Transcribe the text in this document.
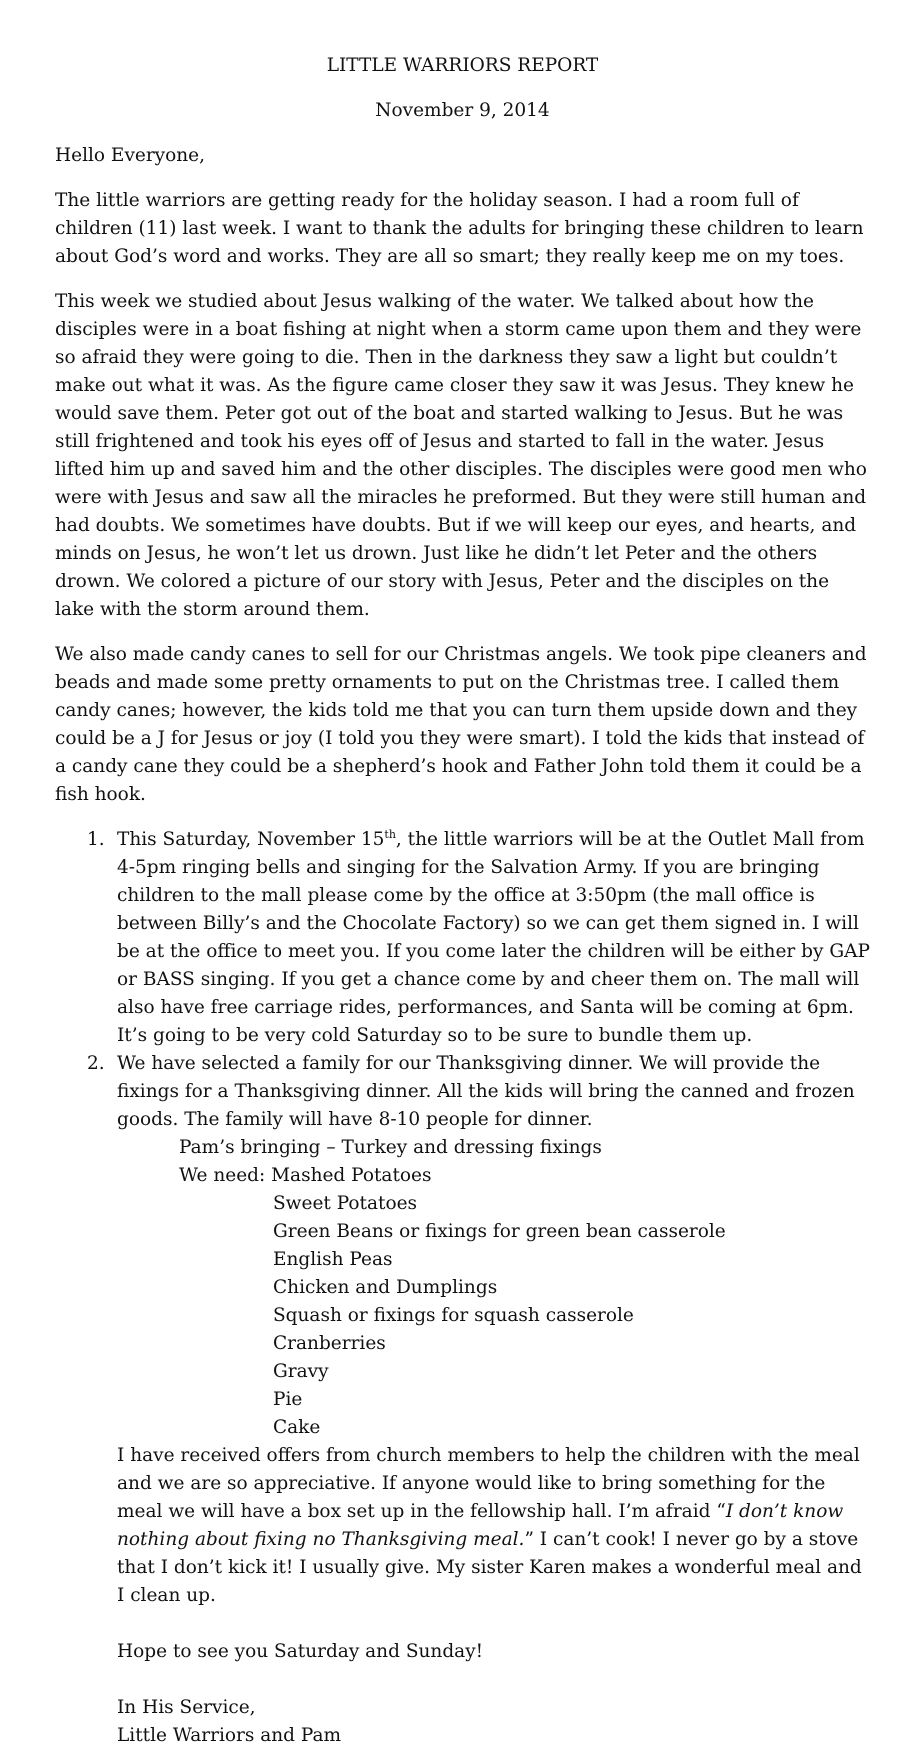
LITTLE WARRIORS REPORT

November 9, 2014

Hello Everyone,

The little warriors are getting ready for the holiday season. I had a room full of children (11) last week. I want to thank the adults for bringing these children to learn about God’s word and works. They are all so smart; they really keep me on my toes.

This week we studied about Jesus walking of the water. We talked about how the disciples were in a boat fishing at night when a storm came upon them and they were so afraid they were going to die. Then in the darkness they saw a light but couldn’t make out what it was. As the figure came closer they saw it was Jesus. They knew he would save them. Peter got out of the boat and started walking to Jesus. But he was still frightened and took his eyes off of Jesus and started to fall in the water. Jesus lifted him up and saved him and the other disciples. The disciples were good men who were with Jesus and saw all the miracles he preformed. But they were still human and had doubts. We sometimes have doubts. But if we will keep our eyes, and hearts, and minds on Jesus, he won’t let us drown. Just like he didn’t let Peter and the others drown. We colored a picture of our story with Jesus, Peter and the disciples on the lake with the storm around them.

We also made candy canes to sell for our Christmas angels. We took pipe cleaners and beads and made some pretty ornaments to put on the Christmas tree. I called them candy canes; however, the kids told me that you can turn them upside down and they could be a J for Jesus or joy (I told you they were smart). I told the kids that instead of a candy cane they could be a shepherd’s hook and Father John told them it could be a fish hook.

1. This Saturday, November 15th, the little warriors will be at the Outlet Mall from 4-5pm ringing bells and singing for the Salvation Army. If you are bringing children to the mall please come by the office at 3:50pm (the mall office is between Billy’s and the Chocolate Factory) so we can get them signed in. I will be at the office to meet you. If you come later the children will be either by GAP or BASS singing. If you get a chance come by and cheer them on. The mall will also have free carriage rides, performances, and Santa will be coming at 6pm. It’s going to be very cold Saturday so to be sure to bundle them up.
2. We have selected a family for our Thanksgiving dinner. We will provide the fixings for a Thanksgiving dinner. All the kids will bring the canned and frozen goods. The family will have 8-10 people for dinner.
Pam’s bringing – Turkey and dressing fixings
We need: Mashed Potatoes
Sweet Potatoes
Green Beans or fixings for green bean casserole
English Peas
Chicken and Dumplings
Squash or fixings for squash casserole
Cranberries
Gravy
Pie
Cake
I have received offers from church members to help the children with the meal and we are so appreciative. If anyone would like to bring something for the meal we will have a box set up in the fellowship hall. I’m afraid “I don’t know nothing about fixing no Thanksgiving meal.” I can’t cook! I never go by a stove that I don’t kick it! I usually give. My sister Karen makes a wonderful meal and I clean up.
Hope to see you Saturday and Sunday!
In His Service,
Little Warriors and Pam
